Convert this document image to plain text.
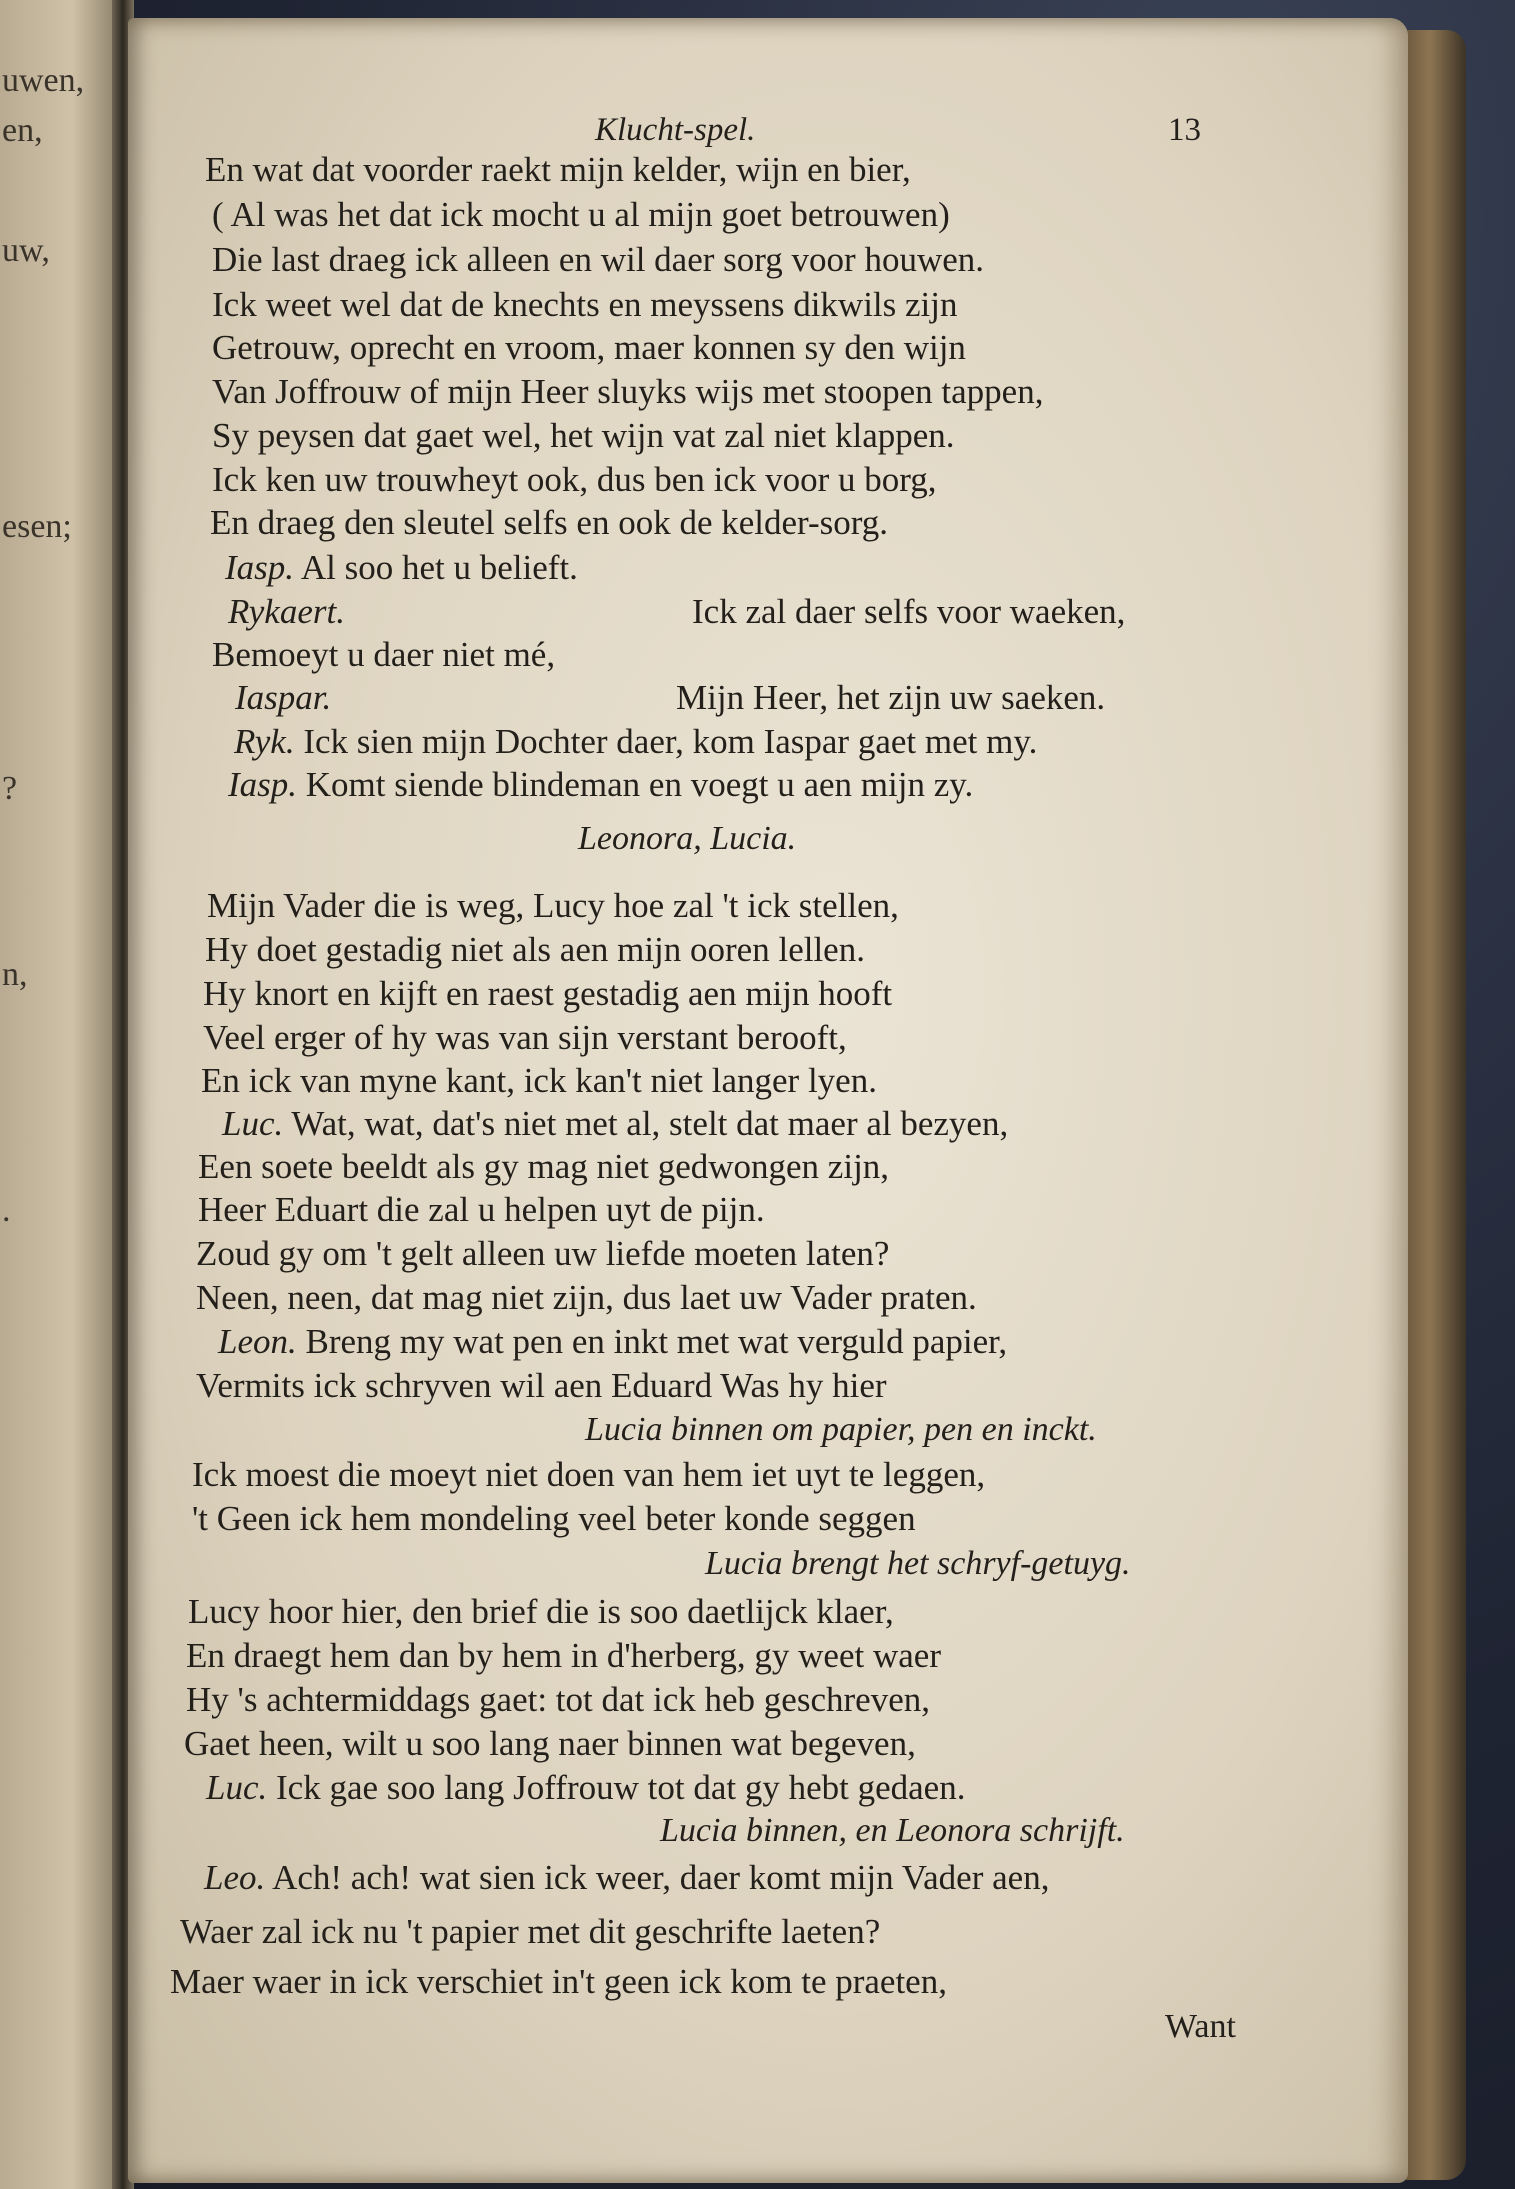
uwen,
en,
uw,
esen;
?
n,
.
Klucht-spel.	13
En wat dat voorder raekt mijn kelder, wijn en bier,
( Al was het dat ick mocht u al mijn goet betrouwen)
Die last draeg ick alleen en wil daer sorg voor houwen.
Ick weet wel dat de knechts en meyssens dikwils zijn
Getrouw, oprecht en vroom, maer konnen sy den wijn
Van Joffrouw of mijn Heer sluyks wijs met stoopen tappen,
Sy peysen dat gaet wel, het wijn vat zal niet klappen.
Ick ken uw trouwheyt ook, dus ben ick voor u borg,
En draeg den sleutel selfs en ook de kelder-sorg.
Iasp. Al soo het u belieft.
Rykaert.	Ick zal daer selfs voor waeken,
Bemoeyt u daer niet mé,
Iaspar.	Mijn Heer, het zijn uw saeken.
Ryk. Ick sien mijn Dochter daer, kom Iaspar gaet met my.
Iasp. Komt siende blindeman en voegt u aen mijn zy.
Leonora, Lucia.
Mijn Vader die is weg, Lucy hoe zal 't ick stellen,
Hy doet gestadig niet als aen mijn ooren lellen.
Hy knort en kijft en raest gestadig aen mijn hooft
Veel erger of hy was van sijn verstant berooft,
En ick van myne kant, ick kan't niet langer lyen.
Luc. Wat, wat, dat's niet met al, stelt dat maer al bezyen,
Een soete beeldt als gy mag niet gedwongen zijn,
Heer Eduart die zal u helpen uyt de pijn.
Zoud gy om 't gelt alleen uw liefde moeten laten?
Neen, neen, dat mag niet zijn, dus laet uw Vader praten.
Leon. Breng my wat pen en inkt met wat verguld papier,
Vermits ick schryven wil aen Eduard Was hy hier
Lucia binnen om papier, pen en inckt.
Ick moest die moeyt niet doen van hem iet uyt te leggen,
't Geen ick hem mondeling veel beter konde seggen
Lucia brengt het schryf-getuyg.
Lucy hoor hier, den brief die is soo daetlijck klaer,
En draegt hem dan by hem in d'herberg, gy weet waer
Hy 's achtermiddags gaet: tot dat ick heb geschreven,
Gaet heen, wilt u soo lang naer binnen wat begeven,
Luc. Ick gae soo lang Joffrouw tot dat gy hebt gedaen.
Lucia binnen, en Leonora schrijft.
Leo. Ach! ach! wat sien ick weer, daer komt mijn Vader aen,
Waer zal ick nu 't papier met dit geschrifte laeten?
Maer waer in ick verschiet in't geen ick kom te praeten,
Want
